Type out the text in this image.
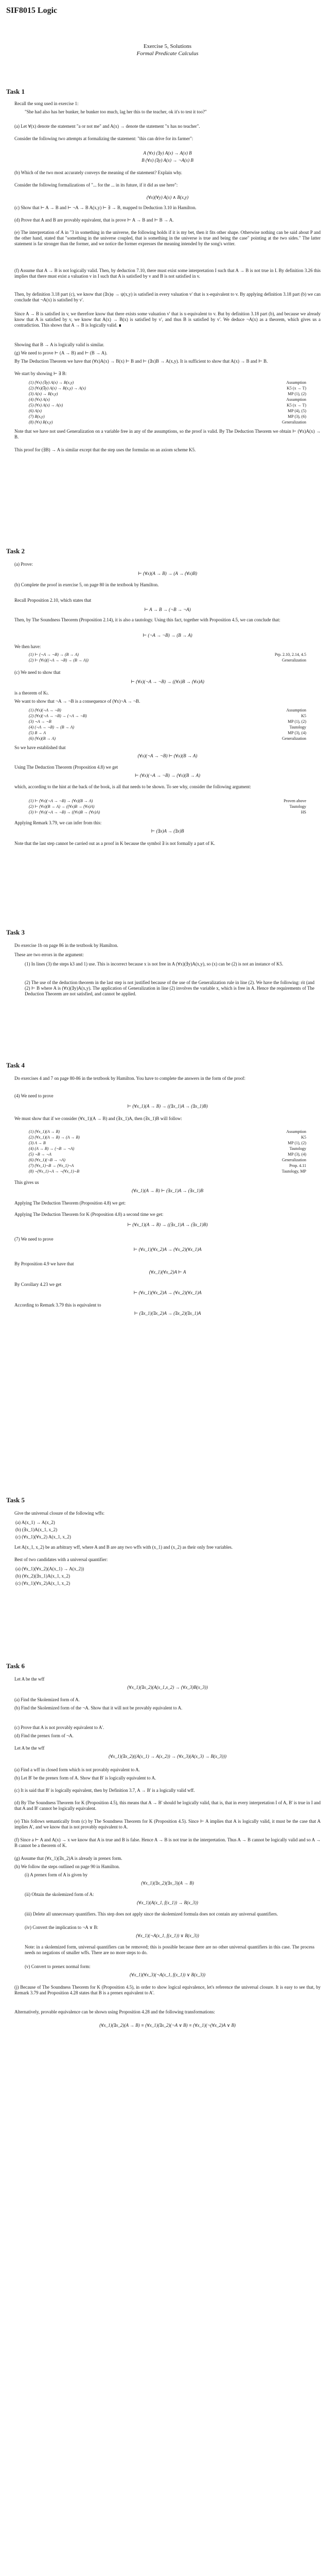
SIF8015 Logic
Exercise 5, Solutions
Formal Predicate Calculus
Task 1
Recall the song used in exercise 1:
"She had also has her bunker, he bunker too much, lag her this to the teacher, ok it's to test it too?"
(a) Let ∀(x) denote the statement "a or not me" and A(x) → denote the statement "x has no teacher".
Consider the following two attempts at formalizing the statement: "this can drive for its farmer":
A (∀x) (∃y) A(x) → A(x) B
B (∀x) (∃y) A(x) → ¬A(x) B
(b) Which of the two most accurately conveys the meaning of the statement? Explain why.
Consider the following formalizations of "... for the ... in its future, if it did as use here":
(∀x)(∀y) A(x) ∧ B(x,y)
(c) Show that ⊢ A → B and ⊢ ¬A → B A(x,y) ⊢ ∃ → B, mapped to Deduction 3.10 in Hamilton.
(d) Prove that A and B are provably equivalent, that is prove ⊢ A → B and ⊢ B → A.
(e) The interpretation of A in "3 in something in the universe, the following holds if it is my bet, then it fits other shape. Otherwise nothing can be said about P and the other hand, stated that "something in the universe coupled, that is something in the universe is true and being the case" pointing at the two sides." The latter statement is far stronger than the former, and we notice the former expresses the meaning intended by the song's writer.
(f) Assume that A → B is not logically valid. Then, by deduction 7.10, there must exist some interpretation I such that A → B is not true in I. By definition 3.26 this implies that there must exist a valuation v in I such that A is satisfied by v and B is not satisfied in v.
Then, by definition 3.18 part (c), we know that (∃x)φ → ψ(x,y) is satisfied in every valuation v' that is x-equivalent to v. By applying definition 3.18 part (b) we can conclude that ¬A(x) is satisfied by v'.
Since A → B is satisfied in v, we therefore know that there exists some valuation v' that is x-equivalent to v. But by definition 3.18 part (b), and because we already know that A is satisfied by v, we know that A(x) → B(x) is satisfied by v', and thus B is satisfied by v'. We deduce ¬A(x) as a theorem, which gives us a contradiction. This shows that A → B is logically valid. ∎
Showing that B → A is logically valid is similar.
(g) We need to prove ⊢ (A → B) and ⊢ (B → A).
By The Deduction Theorem we have that (∀x)A(x) → B(x) ⊢ B and ⊢ (∃x)B → A(x,y). It is sufficient to show that A(x) → B and ⊢ B.
We start by showing ⊢ ∃ B:
(1) (∀x) (∃y) A(x) → B(x,y)	Assumption
(2) (∀x)(∃y) A(x) → B(x,y) → A(x)	K5 (x → T)
(3) A(x) → B(x,y)	MP (1), (2)
(4) (∀x) A(x)	Assumption
(5) (∀x) A(x) → A(x)	K5 (x → T)
(6) A(x)	MP (4), (5)
(7) B(x,y)	MP (3), (6)
(8) (∀x) B(x,y)	Generalization
Note that we have not used Generalization on a variable free in any of the assumptions, so the proof is valid. By The Deduction Theorem we obtain ⊢ (∀x)A(x) → B.
This proof for (∃B) → A is similar except that the step uses the formulas on an axiom scheme K5.
Task 2
(a) Prove:
⊢ (∀x)(A → B) → (A → (∀x)B)
(b) Complete the proof in exercise 5, on page 80 in the textbook by Hamilton.
Recall Proposition 2.10, which states that
⊢ A → B → (¬B → ¬A)
Then, by The Soundness Theorem (Proposition 2.14), it is also a tautology. Using this fact, together with Proposition 4.5, we can conclude that:
⊢ (¬A → ¬B) → (B → A)
We then have:
(1) ⊢ (¬A → ¬B) → (B → A)	Prp. 2.10, 2.14, 4.5
(2) ⊢ (∀x)((¬A → ¬B) → (B → A))	Generalization
(c) We need to show that
⊢ (∀x)(¬A → ¬B) → ((∀x)B → (∀x)A)
is a theorem of Kₗ.
We want to show that ¬A → ¬B is a consequence of (∀x)¬A → ¬B.
(1) (∀x)(¬A → ¬B)	Assumption
(2) (∀x)(¬A → ¬B) → (¬A → ¬B)	K5
(3) ¬A → ¬B	MP (1), (2)
(4) (¬A → ¬B) → (B → A)	Tautology
(5) B → A	MP (3), (4)
(6) (∀x)(B → A)	Generalization
So we have established that
(∀x)(¬A → ¬B) ⊢ (∀x)(B → A)
Using The Deduction Theorem (Proposition 4.8) we get
⊢ (∀x)(¬A → ¬B) → (∀x)(B → A)
which, according to the hint at the back of the book, is all that needs to be shown. To see why, consider the following argument:
(1) ⊢ (∀x)(¬A → ¬B) → (∀x)(B → A)	Proven above
(2) ⊢ (∀x)(B → A) → ((∀x)B → (∀x)A)	Tautology
(3) ⊢ (∀x)(¬A → ¬B) → ((∀x)B → (∀x)A)	HS
Applying Remark 3.79, we can infer from this:
⊢ (∃x)A → (∃x)B
Note that the last step cannot be carried out as a proof in K because the symbol ∃ is not formally a part of K.
Task 3
Do exercise 1b on page 86 in the textbook by Hamilton.
These are two errors in the argument:
(1) In lines (3) the steps k3 and 1) use. This is incorrect because x is not free in A (∀x)(∃y)A(x,y), so (x) can be (2) is not an instance of K5.
(2) The use of the deduction theorem in the last step is not justified because of the use of the Generalization rule in line (2). We have the following: rit (and (2) ⊢ B where A is (∀x)(∃y)A(x,y). The application of Generalization in line (2) involves the variable x, which is free in A. Hence the requirements of The Deduction Theorem are not satisfied, and cannot be applied.
Task 4
Do exercises 4 and 7 on page 80-86 in the textbook by Hamilton. You have to complete the answers in the form of the proof:
(4) We need to prove
⊢ (∀x_1)(A → B) → ((∃x_1)A → (∃x_1)B)
We must show that if we consider (∀x_1)(A → B) and (∃x_1)A, then (∃x_1)B will follow:
(1) (∀x_1)(A → B)	Assumption
(2) (∀x_1)(A → B) → (A → B)	K5
(3) A → B	MP (1), (2)
(4) (A → B) → (¬B → ¬A)	Tautology
(5) ¬B → ¬A	MP (3), (4)
(6) (∀x_1)(¬B → ¬A)	Generalization
(7) (∀x_1)¬B → (∀x_1)¬A	Prop. 4.11
(8) ¬(∀x_1)¬A → ¬(∀x_1)¬B	Tautology, MP
This gives us
(∀x_1)(A → B) ⊢ (∃x_1)A → (∃x_1)B
Applying The Deduction Theorem (Proposition 4.8) we get:
Applying The Deduction Theorem for K (Proposition 4.8) a second time we get:
⊢ (∀x_1)(A → B) → ((∃x_1)A → (∃x_1)B)
(7) We need to prove
⊢ (∀x_1)(∀x_2)A → (∀x_2)(∀x_1)A
By Proposition 4.9 we have that
(∀x_1)(∀x_2)A ⊢ A
By Corollary 4.23 we get
⊢ (∀x_1)(∀x_2)A → (∀x_2)(∀x_1)A
According to Remark 3.79 this is equivalent to
⊢ (∃x_1)(∃x_2)A → (∃x_2)(∃x_1)A
Task 5
Give the universal closure of the following wffs:
(a) A(x_1) → A(x_2)
(b) (∃x_1)A(x_1, x_2)
(c) (∀x_1)(∀x_2) A(x_1, x_2)
Let A(x_1, x_2) be an arbitrary wff, where A and B are any two wffs with (x_1) and (x_2) as their only free variables.
Best of two candidates with a universal quantifier:
(a) (∀x_1)(∀x_2)(A(x_1) → A(x_2))
(b) (∀x_2)(∃x_1)A(x_1, x_2)
(c) (∀x_1)(∀x_2)A(x_1, x_2)
Task 6
Let A be the wff
(∀x_1)(∃x_2)(A(x_1,x_2) → (∀x_3)B(x_3))
(a) Find the Skolemized form of A.
(b) Find the Skolemized form of the ¬A. Show that it will not be provably equivalent to A.
(c) Prove that A is not provably equivalent to A'.
(d) Find the prenex form of ¬A.
Let A be the wff
(∀x_1)(∃x_2)((A(x_1) → A(x_2)) → (∀x_3)(A(x_3) → B(x_3)))
(a) Find a wff in closed form which is not provably equivalent to A.
(b) Let B' be the prenex form of A. Show that B' is logically equivalent to A.
(c) It is said that B' is logically equivalent, then by Definition 3.7, A → B' is a logically valid wff.
(d) By The Soundness Theorem for K (Proposition 4.5), this means that A → B' should be logically valid, that is, that in every interpretation I of A, B' is true in I and that A and B' cannot be logically equivalent.
(e) This follows semantically from (c) by The Soundness Theorem for K (Proposition 4.5). Since ⊢ A implies that A is logically valid, it must be the case that A implies A', and we know that is not provably equivalent to A.
(f) Since a ⊢ A and A(x) → x we know that A is true and B is false. Hence A → B is not true in the interpretation. Thus A → B cannot be logically valid and so A → B cannot be a theorem of K.
(g) Assume that (∀x_1)(∃x_2)A is already in prenex form.
(h) We follow the steps outlined on page 90 in Hamilton.
(i) A prenex form of A is given by
(∀x_1)(∃x_2)(∃x_3)(A → B)
(ii) Obtain the skolemized form of A:
(∀x_1)(A(x_1, f(x_1)) → B(x_3))
(iii) Delete all unnecessary quantifiers. This step does not apply since the skolemized formula does not contain any universal quantifiers.
(iv) Convert the implication to ¬A ∨ B:
(∀x_1)(¬A(x_1, f(x_1)) ∨ B(x_3))
Note: in a skolemized form, universal quantifiers can be removed; this is possible because there are no other universal quantifiers in this case. The process needs no negations of smaller wffs. There are no more steps to do.
(v) Convert to prenex normal form:
(∀x_1)(∀x_3)(¬A(x_1, f(x_1)) ∨ B(x_3))
(j) Because of The Soundness Theorem for K (Proposition 4.5), in order to show logical equivalence, let's reference the universal closure. It is easy to see that, by Remark 3.79 and Proposition 4.28 states that B is a prenex equivalent to A'.
Alternatively, provable equivalence can be shown using Proposition 4.28 and the following transformations:
(∀x_1)(∃x_2)(A → B) ≡ (∀x_1)(∃x_2)(¬A ∨ B) ≡ (∀x_1)(¬(∀x_2)A ∨ B)
